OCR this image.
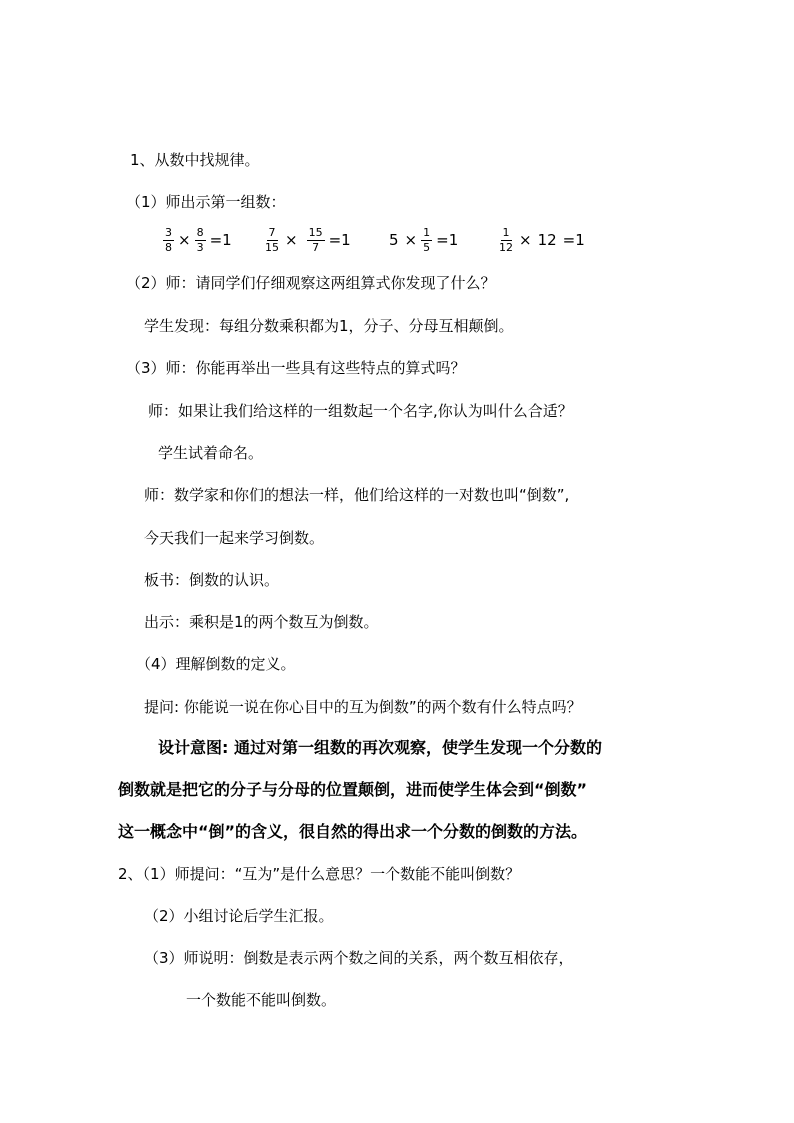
1、从数中找规律。
（1）师出示第一组数：
$\frac{3}{8} \times \frac{8}{3} =1$	$\frac{7}{15} \times \frac{15}{7} =1$	$5 \times \frac{1}{5} =1$	$\frac{1}{12} \times 12 =1$
（2）师：请同学们仔细观察这两组算式你发现了什么？
学生发现：每组分数乘积都为1，分子、分母互相颠倒。
（3）师：你能再举出一些具有这些特点的算式吗？
师：如果让我们给这样的一组数起一个名字,你认为叫什么合适？
学生试着命名。
师：数学家和你们的想法一样，他们给这样的一对数也叫“倒数”,
今天我们一起来学习倒数。
板书：倒数的认识。
出示：乘积是1的两个数互为倒数。
（4）理解倒数的定义。
提问: 你能说一说在你心目中的互为倒数”的两个数有什么特点吗？
设计意图: 通过对第一组数的再次观察，使学生发现一个分数的
倒数就是把它的分子与分母的位置颠倒，进而使学生体会到“倒数”
这一概念中“倒”的含义，很自然的得出求一个分数的倒数的方法。
2、（1）师提问：“互为”是什么意思？一个数能不能叫倒数？
（2）小组讨论后学生汇报。
（3）师说明：倒数是表示两个数之间的关系，两个数互相依存，
一个数能不能叫倒数。
